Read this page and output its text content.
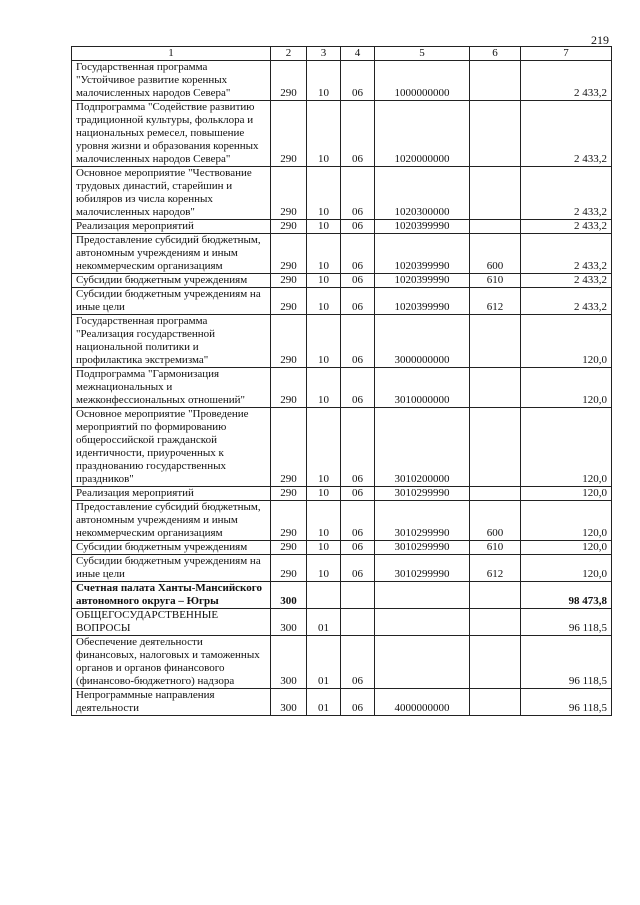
219
1	2	3	4	5	6	7
Государственная программа "Устойчивое развитие коренных малочисленных народов Севера"	290	10	06	1000000000		2 433,2
Подпрограмма "Содействие развитию традиционной культуры, фольклора и национальных ремесел, повышение уровня жизни и образования коренных малочисленных народов Севера"	290	10	06	1020000000		2 433,2
Основное мероприятие "Чествование трудовых династий, старейшин и юбиляров из числа коренных малочисленных народов"	290	10	06	1020300000		2 433,2
Реализация мероприятий	290	10	06	1020399990		2 433,2
Предоставление субсидий бюджетным, автономным учреждениям и иным некоммерческим организациям	290	10	06	1020399990	600	2 433,2
Субсидии бюджетным учреждениям	290	10	06	1020399990	610	2 433,2
Субсидии бюджетным учреждениям на иные цели	290	10	06	1020399990	612	2 433,2
Государственная программа "Реализация государственной национальной политики и профилактика экстремизма"	290	10	06	3000000000		120,0
Подпрограмма "Гармонизация межнациональных и межконфессиональных отношений"	290	10	06	3010000000		120,0
Основное мероприятие "Проведение мероприятий по формированию общероссийской гражданской идентичности, приуроченных к празднованию государственных праздников"	290	10	06	3010200000		120,0
Реализация мероприятий	290	10	06	3010299990		120,0
Предоставление субсидий бюджетным, автономным учреждениям и иным некоммерческим организациям	290	10	06	3010299990	600	120,0
Субсидии бюджетным учреждениям	290	10	06	3010299990	610	120,0
Субсидии бюджетным учреждениям на иные цели	290	10	06	3010299990	612	120,0
Счетная палата Ханты-Мансийского автономного округа – Югры	300					98 473,8
ОБЩЕГОСУДАРСТВЕННЫЕ ВОПРОСЫ	300	01				96 118,5
Обеспечение деятельности финансовых, налоговых и таможенных органов и органов финансового (финансово-бюджетного) надзора	300	01	06			96 118,5
Непрограммные направления деятельности	300	01	06	4000000000		96 118,5
